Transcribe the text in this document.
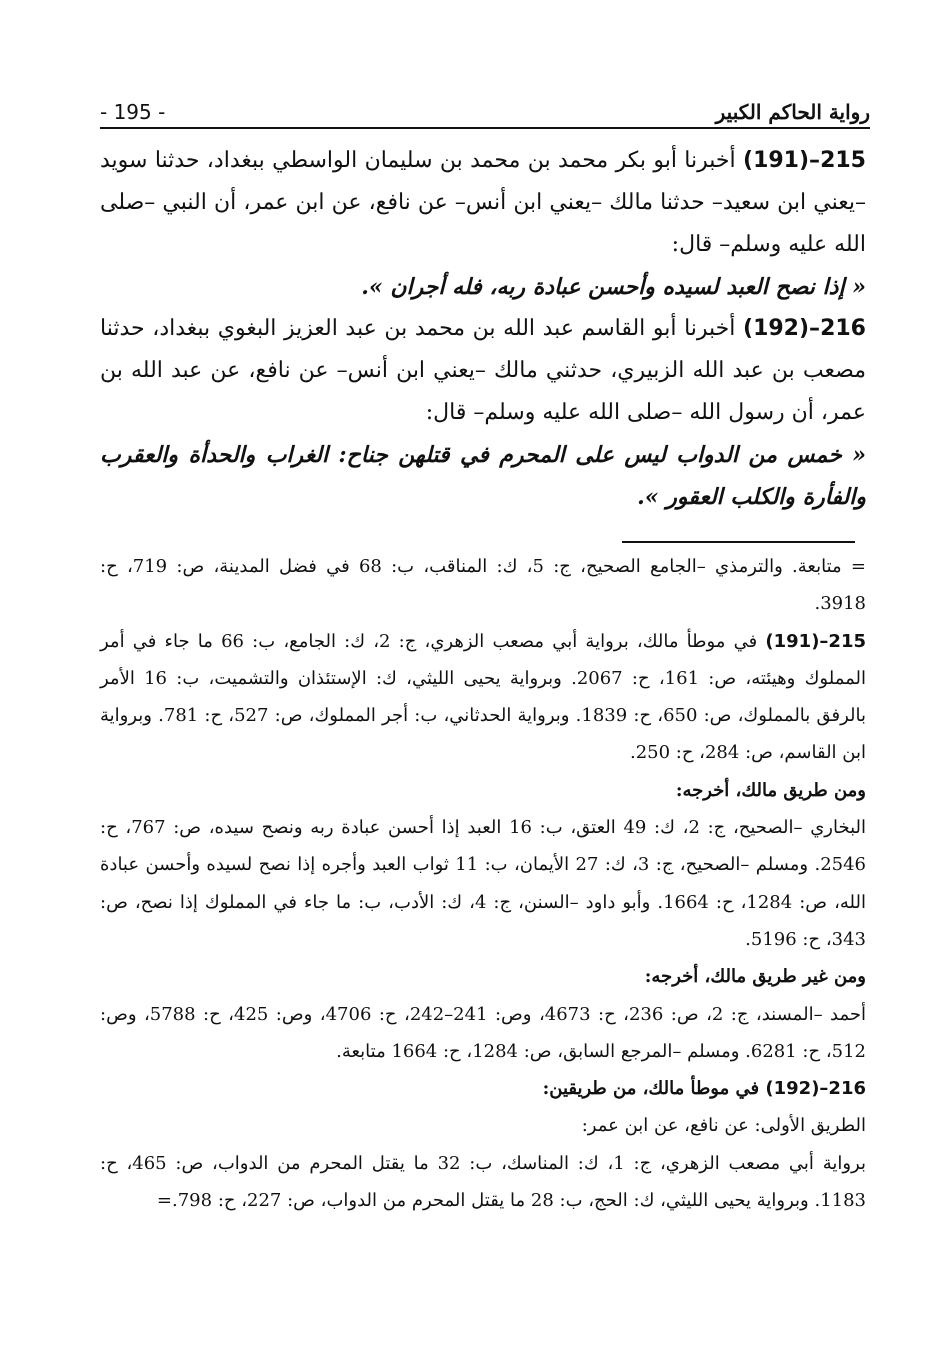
- 195 -	رواية الحاكم الكبير

215–(191) أخبرنا أبو بكر محمد بن محمد بن سليمان الواسطي ببغداد، حدثنا سويد –يعني ابن سعيد– حدثنا مالك –يعني ابن أنس– عن نافع، عن ابن عمر، أن النبي –صلى الله عليه وسلم– قال:

« إذا نصح العبد لسيده وأحسن عبادة ربه، فله أجران ».

216–(192) أخبرنا أبو القاسم عبد الله بن محمد بن عبد العزيز البغوي ببغداد، حدثنا مصعب بن عبد الله الزبيري، حدثني مالك –يعني ابن أنس– عن نافع، عن عبد الله بن عمر، أن رسول الله –صلى الله عليه وسلم– قال:

« خمس من الدواب ليس على المحرم في قتلهن جناح: الغراب والحدأة والعقرب والفأرة والكلب العقور ».

= متابعة. والترمذي –الجامع الصحيح، ج: 5، ك: المناقب، ب: 68 في فضل المدينة، ص: 719، ح: 3918.

215–(191) في موطأ مالك، برواية أبي مصعب الزهري، ج: 2، ك: الجامع، ب: 66 ما جاء في أمر المملوك وهيئته، ص: 161، ح: 2067. وبرواية يحيى الليثي، ك: الإستئذان والتشميت، ب: 16 الأمر بالرفق بالمملوك، ص: 650، ح: 1839. وبرواية الحدثاني، ب: أجر المملوك، ص: 527، ح: 781. وبرواية ابن القاسم، ص: 284، ح: 250.

ومن طريق مالك، أخرجه:

البخاري –الصحيح، ج: 2، ك: 49 العتق، ب: 16 العبد إذا أحسن عبادة ربه ونصح سيده، ص: 767، ح: 2546. ومسلم –الصحيح، ج: 3، ك: 27 الأيمان، ب: 11 ثواب العبد وأجره إذا نصح لسيده وأحسن عبادة الله، ص: 1284، ح: 1664. وأبو داود –السنن، ج: 4، ك: الأدب، ب: ما جاء في المملوك إذا نصح، ص: 343، ح: 5196.

ومن غير طريق مالك، أخرجه:

أحمد –المسند، ج: 2، ص: 236، ح: 4673، وص: 241–242، ح: 4706، وص: 425، ح: 5788، وص: 512، ح: 6281. ومسلم –المرجع السابق، ص: 1284، ح: 1664 متابعة.

216–(192) في موطأ مالك، من طريقين:

الطريق الأولى: عن نافع، عن ابن عمر:

برواية أبي مصعب الزهري، ج: 1، ك: المناسك، ب: 32 ما يقتل المحرم من الدواب، ص: 465، ح: 1183. وبرواية يحيى الليثي، ك: الحج، ب: 28 ما يقتل المحرم من الدواب، ص: 227، ح: 798.=
